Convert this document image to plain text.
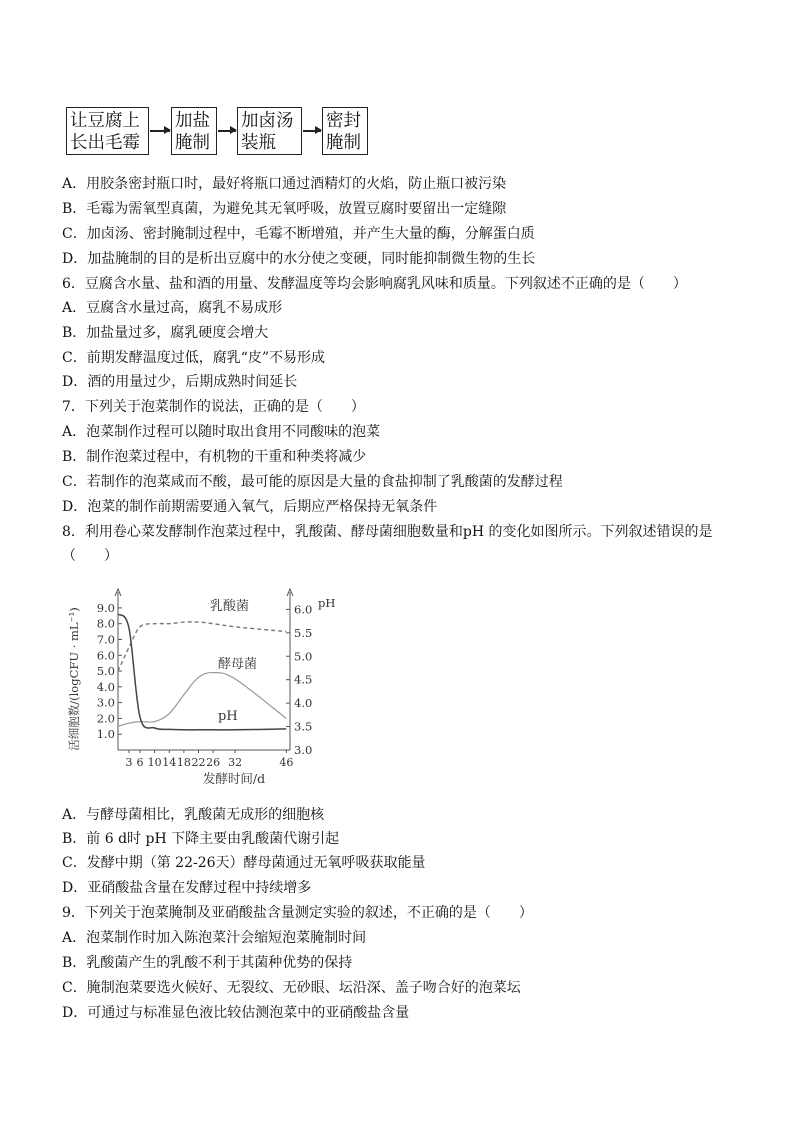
让豆腐上
长出毛霉
加盐
腌制
加卤汤
装瓶
密封
腌制
A．用胶条密封瓶口时，最好将瓶口通过酒精灯的火焰，防止瓶口被污染
B．毛霉为需氧型真菌，为避免其无氧呼吸，放置豆腐时要留出一定缝隙
C．加卤汤、密封腌制过程中，毛霉不断增殖，并产生大量的酶，分解蛋白质
D．加盐腌制的目的是析出豆腐中的水分使之变硬，同时能抑制微生物的生长
6．豆腐含水量、盐和酒的用量、发酵温度等均会影响腐乳风味和质量。下列叙述不正确的是（ ）
A．豆腐含水量过高，腐乳不易成形
B．加盐量过多，腐乳硬度会增大
C．前期发酵温度过低，腐乳“皮”不易形成
D．酒的用量过少，后期成熟时间延长
7．下列关于泡菜制作的说法，正确的是（ ）
A．泡菜制作过程可以随时取出食用不同酸味的泡菜
B．制作泡菜过程中，有机物的干重和种类将减少
C．若制作的泡菜咸而不酸，最可能的原因是大量的食盐抑制了乳酸菌的发酵过程
D．泡菜的制作前期需要通入氧气，后期应严格保持无氧条件
8．利用卷心菜发酵制作泡菜过程中，乳酸菌、酵母菌细胞数量和pH 的变化如图所示。下列叙述错误的是
（　　）
1.0
2.0
3.0
4.0
5.0
6.0
7.0
8.0
9.0
3.0
3.5
4.0
4.5
5.0
5.5
6.0 pH
3 6 10 14 18 22 26 32	46
发酵时间/d
活细胞数/(logCFU · mL⁻¹)
乳酸菌
酵母菌
pH
A．与酵母菌相比，乳酸菌无成形的细胞核
B．前 6 d时 pH 下降主要由乳酸菌代谢引起
C．发酵中期（第 22-26天）酵母菌通过无氧呼吸获取能量
D．亚硝酸盐含量在发酵过程中持续增多
9．下列关于泡菜腌制及亚硝酸盐含量测定实验的叙述，不正确的是（ ）
A．泡菜制作时加入陈泡菜汁会缩短泡菜腌制时间
B．乳酸菌产生的乳酸不利于其菌种优势的保持
C．腌制泡菜要选火候好、无裂纹、无砂眼、坛沿深、盖子吻合好的泡菜坛
D．可通过与标准显色液比较估测泡菜中的亚硝酸盐含量
